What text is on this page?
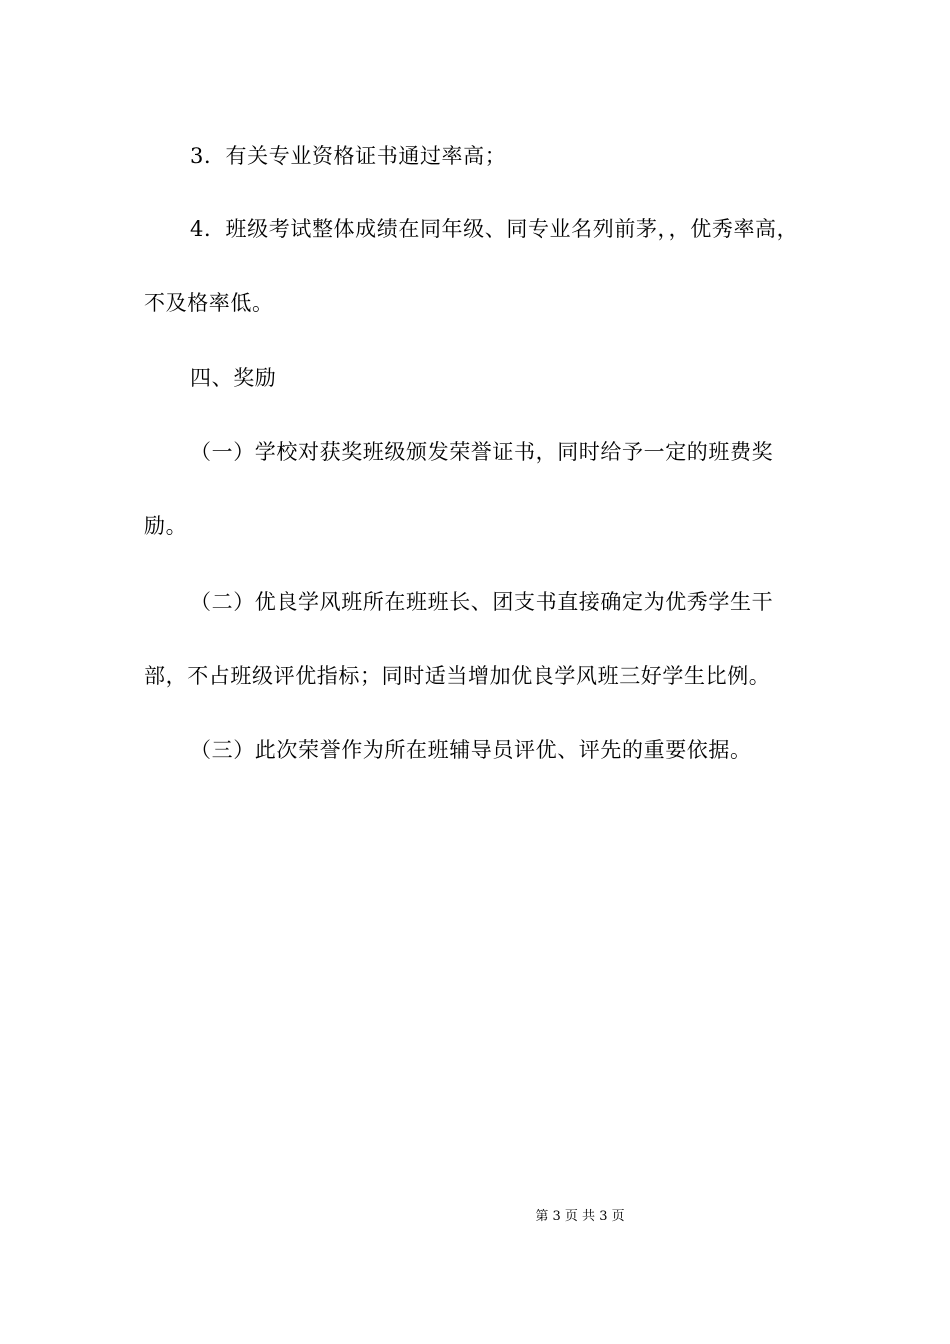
3．有关专业资格证书通过率高；
4．班级考试整体成绩在同年级、同专业名列前茅，，优秀率高，
不及格率低。
四、奖励
（一）学校对获奖班级颁发荣誉证书，同时给予一定的班费奖
励。
（二）优良学风班所在班班长、团支书直接确定为优秀学生干
部，不占班级评优指标；同时适当增加优良学风班三好学生比例。
（三）此次荣誉作为所在班辅导员评优、评先的重要依据。
第 3 页 共 3 页
